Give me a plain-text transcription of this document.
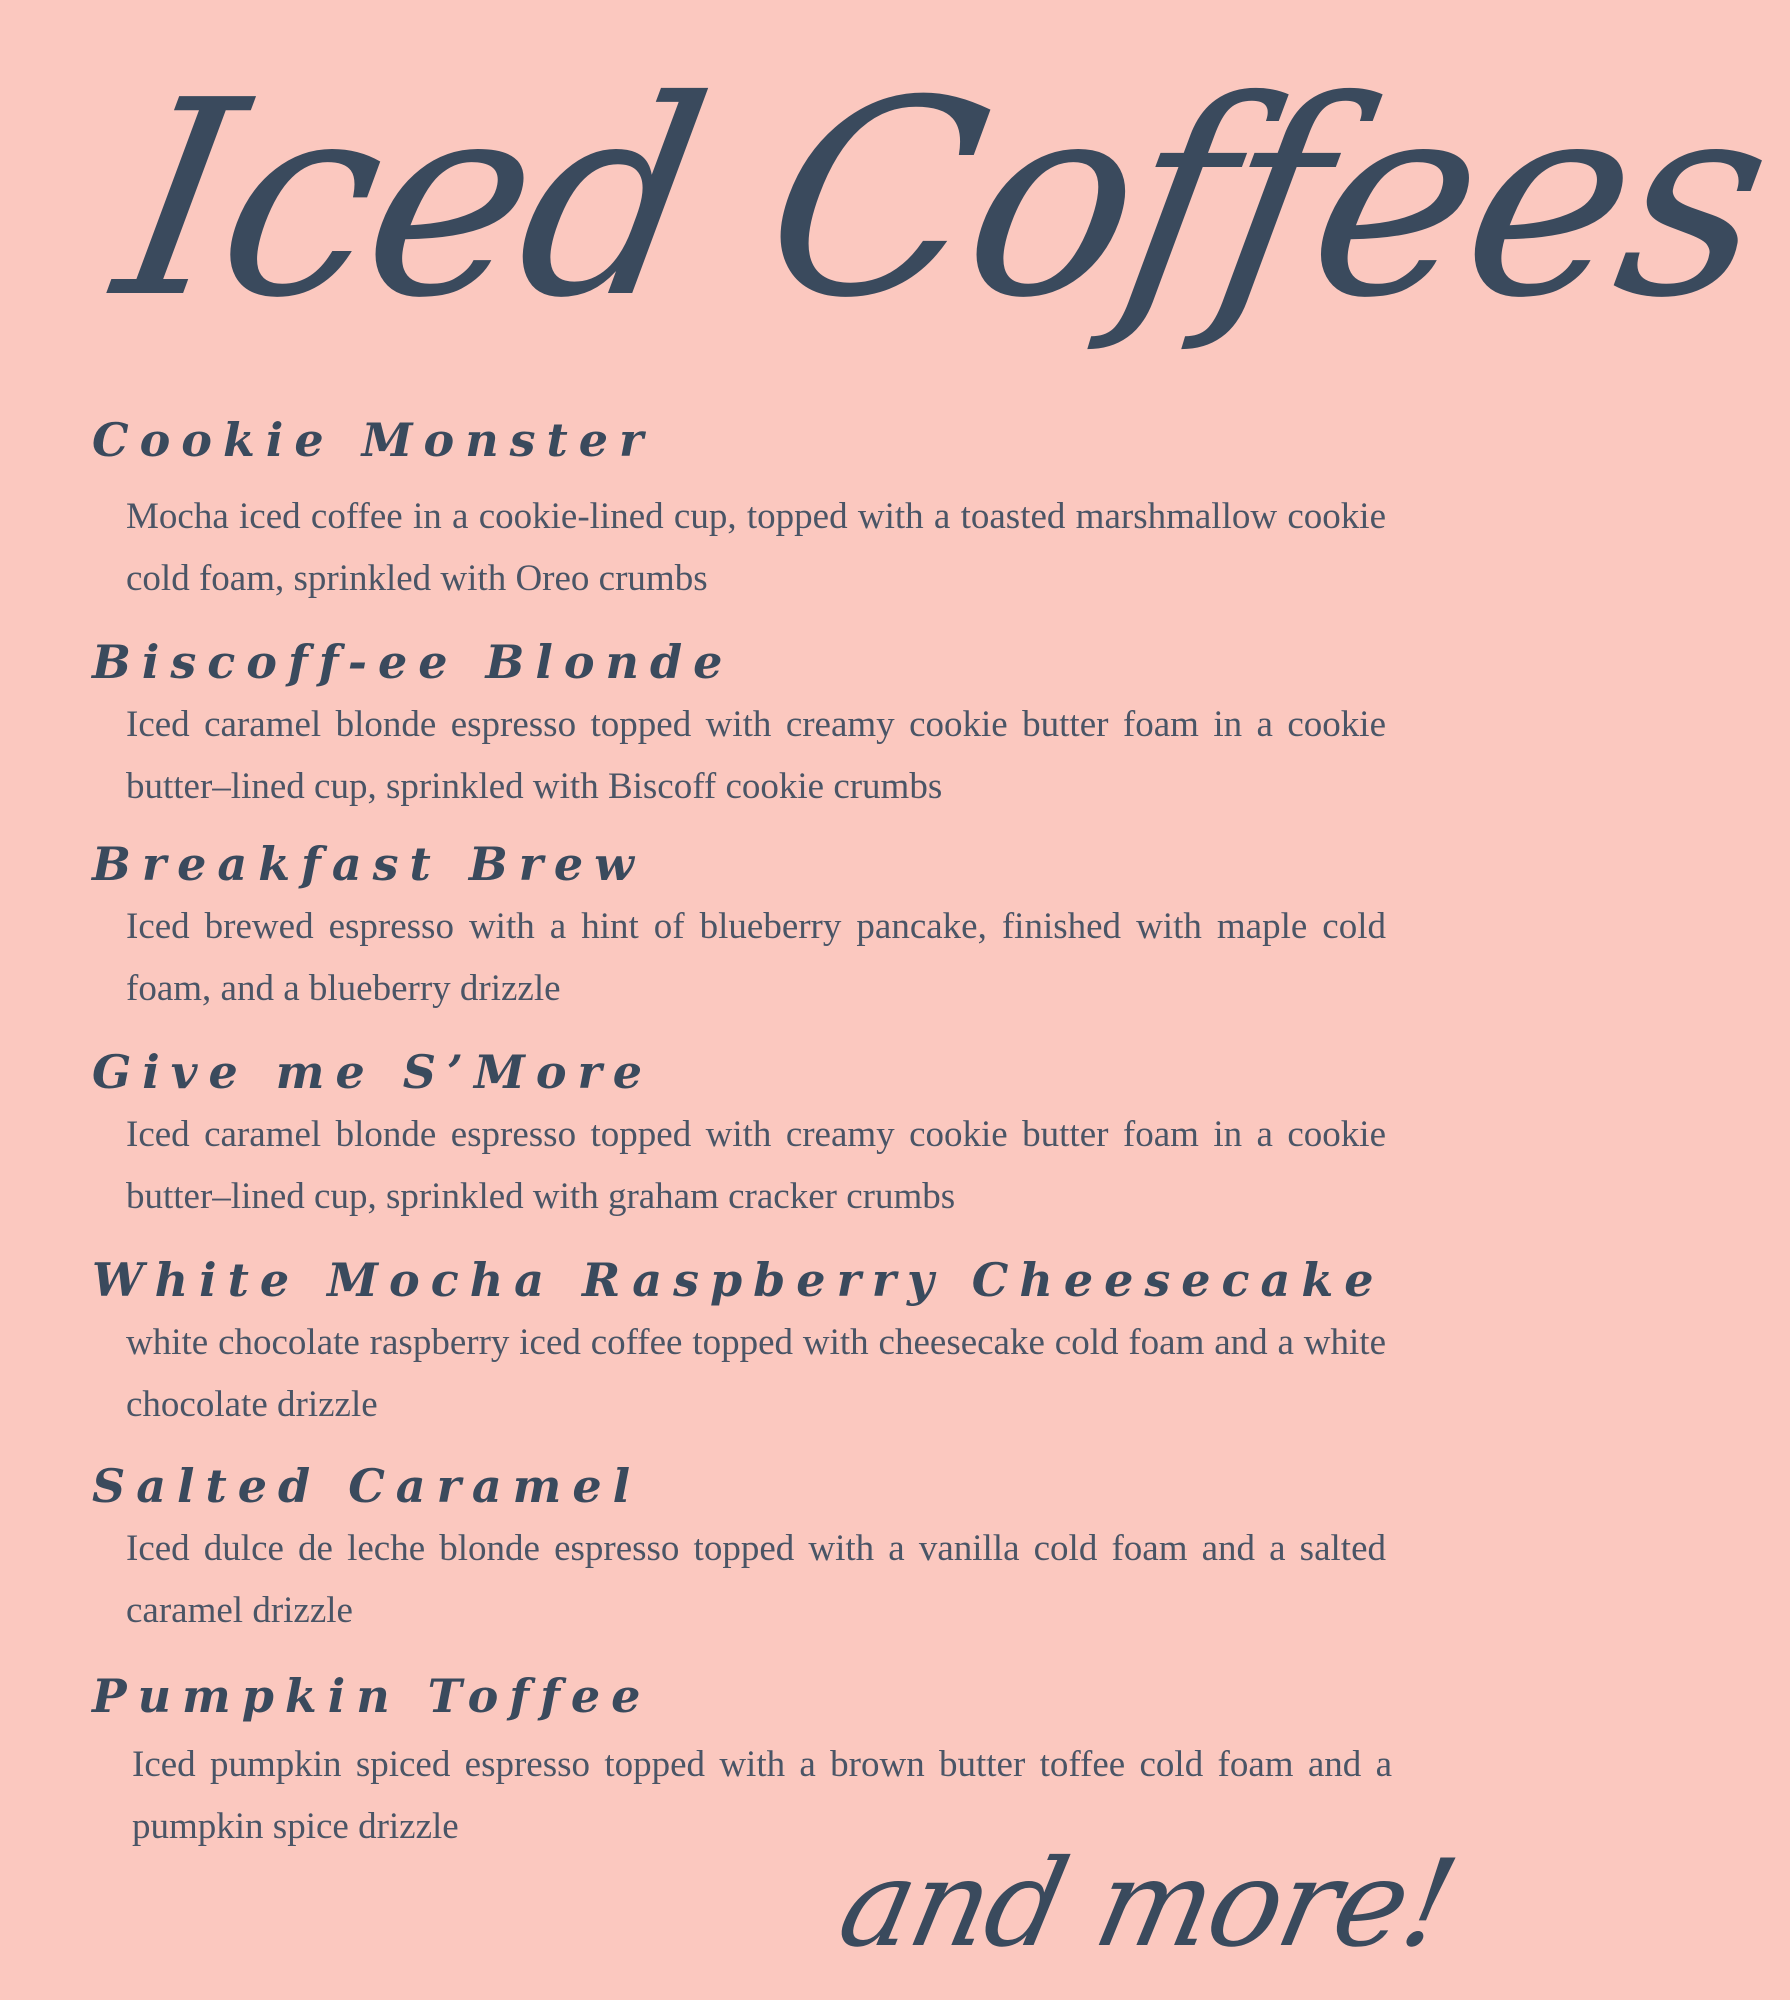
Iced Coffees
Cookie Monster
Mocha iced coffee in a cookie-lined cup, topped with a toasted marshmallow cookie cold foam, sprinkled with Oreo crumbs
Biscoff-ee Blonde
Iced caramel blonde espresso topped with creamy cookie butter foam in a cookie butter–lined cup, sprinkled with Biscoff cookie crumbs
Breakfast Brew
Iced brewed espresso with a hint of blueberry pancake, finished with maple cold foam, and a blueberry drizzle
Give me S’More
Iced caramel blonde espresso topped with creamy cookie butter foam in a cookie butter–lined cup, sprinkled with graham cracker crumbs
White Mocha Raspberry Cheesecake
white chocolate raspberry iced coffee topped with cheesecake cold foam and a white chocolate drizzle
Salted Caramel
Iced dulce de leche blonde espresso topped with a vanilla cold foam and a salted caramel drizzle
Pumpkin Toffee
Iced pumpkin spiced espresso topped with a brown butter toffee cold foam and a pumpkin spice drizzle
and more!
